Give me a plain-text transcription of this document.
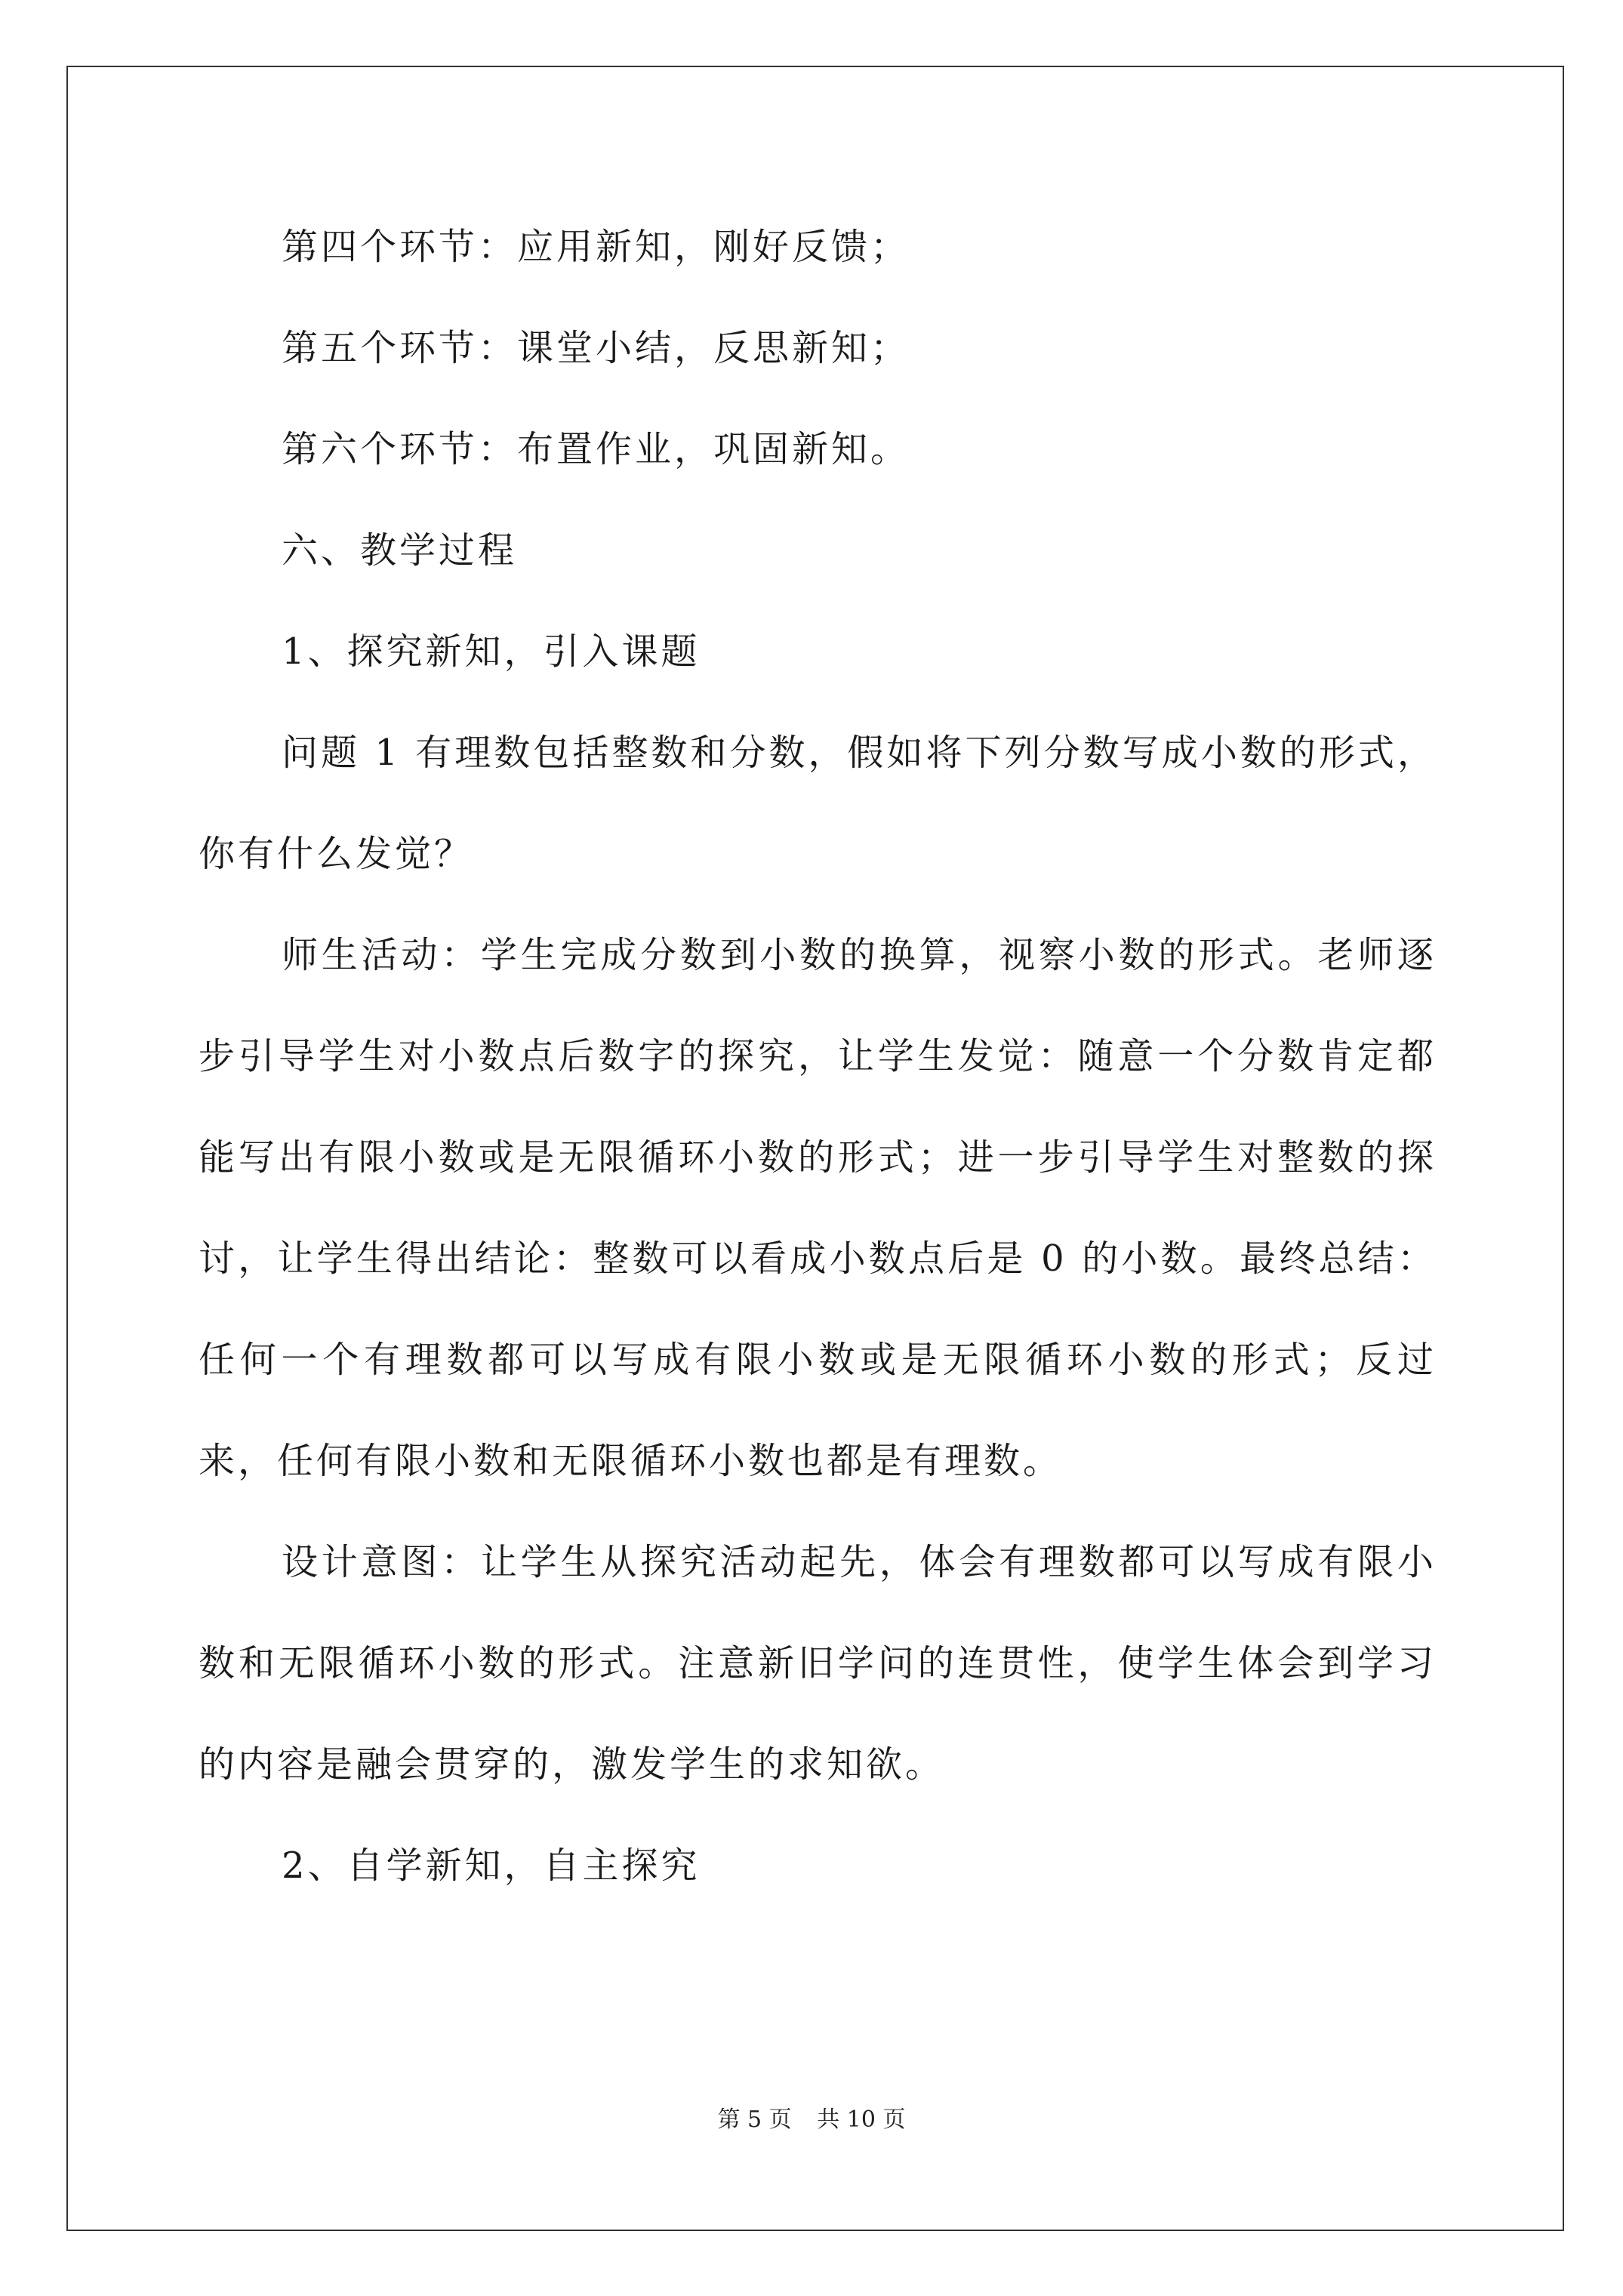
第四个环节：应用新知，刚好反馈；

第五个环节：课堂小结，反思新知；

第六个环节：布置作业，巩固新知。

六、教学过程

1、探究新知，引入课题

问题 1 有理数包括整数和分数，假如将下列分数写成小数的形式，你有什么发觉？

师生活动：学生完成分数到小数的换算，视察小数的形式。老师逐步引导学生对小数点后数字的探究，让学生发觉：随意一个分数肯定都能写出有限小数或是无限循环小数的形式；进一步引导学生对整数的探讨，让学生得出结论：整数可以看成小数点后是 0 的小数。最终总结：任何一个有理数都可以写成有限小数或是无限循环小数的形式；反过来，任何有限小数和无限循环小数也都是有理数。

设计意图：让学生从探究活动起先，体会有理数都可以写成有限小数和无限循环小数的形式。注意新旧学问的连贯性，使学生体会到学习的内容是融会贯穿的，激发学生的求知欲。

2、自学新知，自主探究

第 5 页 共 10 页
